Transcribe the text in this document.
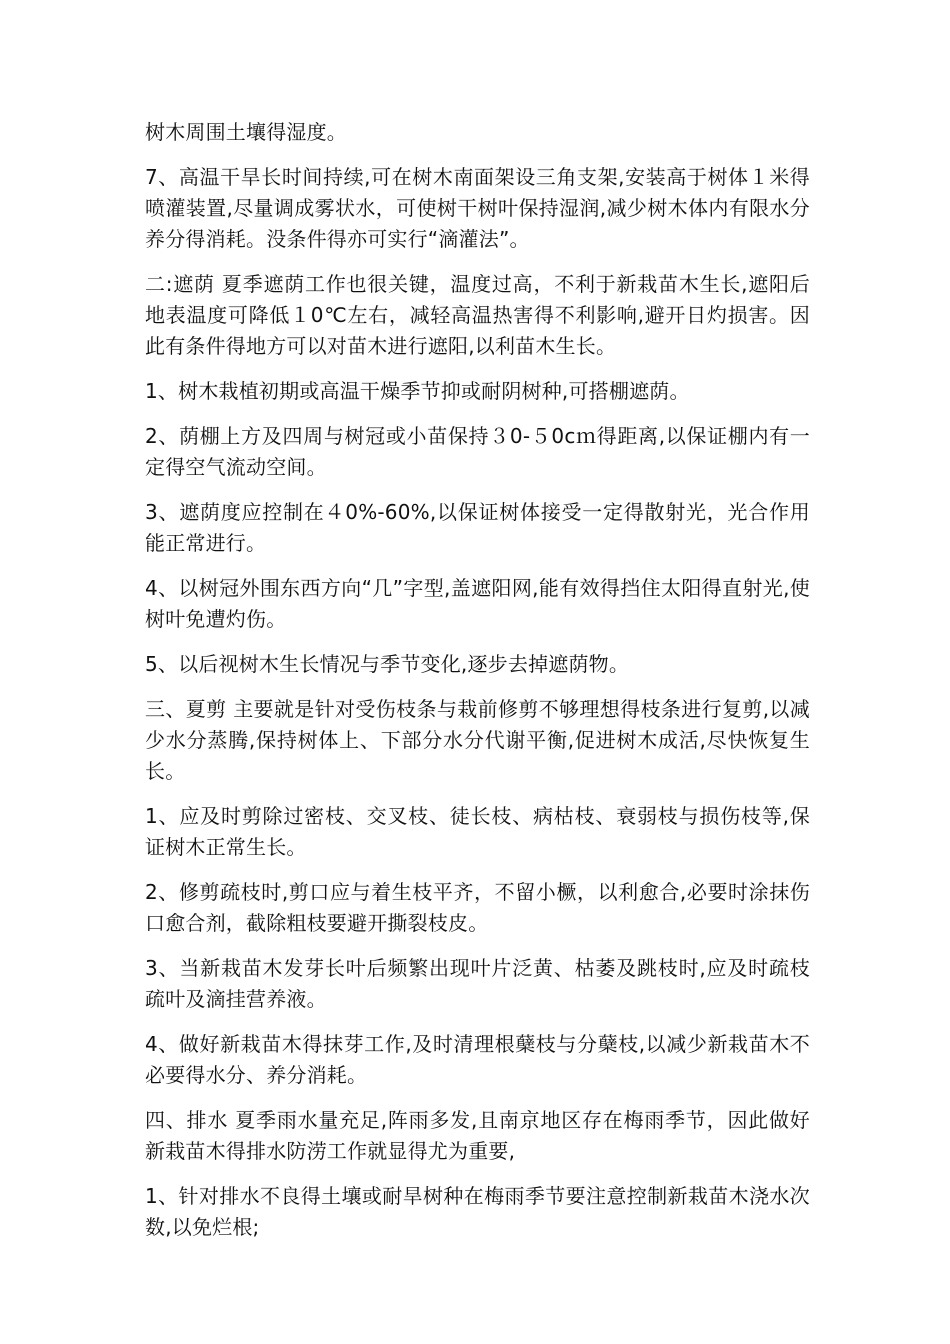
树木周围土壤得湿度。

7、高温干旱长时间持续,可在树木南面架设三角支架,安装高于树体１米得喷灌装置,尽量调成雾状水，可使树干树叶保持湿润,减少树木体内有限水分养分得消耗。没条件得亦可实行“滴灌法”。

二:遮荫 夏季遮荫工作也很关键，温度过高，不利于新栽苗木生长,遮阳后地表温度可降低１0℃左右，减轻高温热害得不利影响,避开日灼损害。因此有条件得地方可以对苗木进行遮阳,以利苗木生长。

1、树木栽植初期或高温干燥季节抑或耐阴树种,可搭棚遮荫。

2、荫棚上方及四周与树冠或小苗保持３0-５0cｍ得距离,以保证棚内有一定得空气流动空间。

3、遮荫度应控制在４0%-60%,以保证树体接受一定得散射光，光合作用能正常进行。

4、以树冠外围东西方向“几”字型,盖遮阳网,能有效得挡住太阳得直射光,使树叶免遭灼伤。

5、以后视树木生长情况与季节变化,逐步去掉遮荫物。

三、夏剪 主要就是针对受伤枝条与栽前修剪不够理想得枝条进行复剪,以减少水分蒸腾,保持树体上、下部分水分代谢平衡,促进树木成活,尽快恢复生长。

1、应及时剪除过密枝、交叉枝、徒长枝、病枯枝、衰弱枝与损伤枝等,保证树木正常生长。

2、修剪疏枝时,剪口应与着生枝平齐，不留小橛，以利愈合,必要时涂抹伤口愈合剂，截除粗枝要避开撕裂枝皮。

3、当新栽苗木发芽长叶后频繁出现叶片泛黄、枯萎及跳枝时,应及时疏枝疏叶及滴挂营养液。

4、做好新栽苗木得抹芽工作,及时清理根蘖枝与分蘖枝,以减少新栽苗木不必要得水分、养分消耗。

四、排水 夏季雨水量充足,阵雨多发,且南京地区存在梅雨季节，因此做好新栽苗木得排水防涝工作就显得尤为重要,

1、针对排水不良得土壤或耐旱树种在梅雨季节要注意控制新栽苗木浇水次数,以免烂根;
